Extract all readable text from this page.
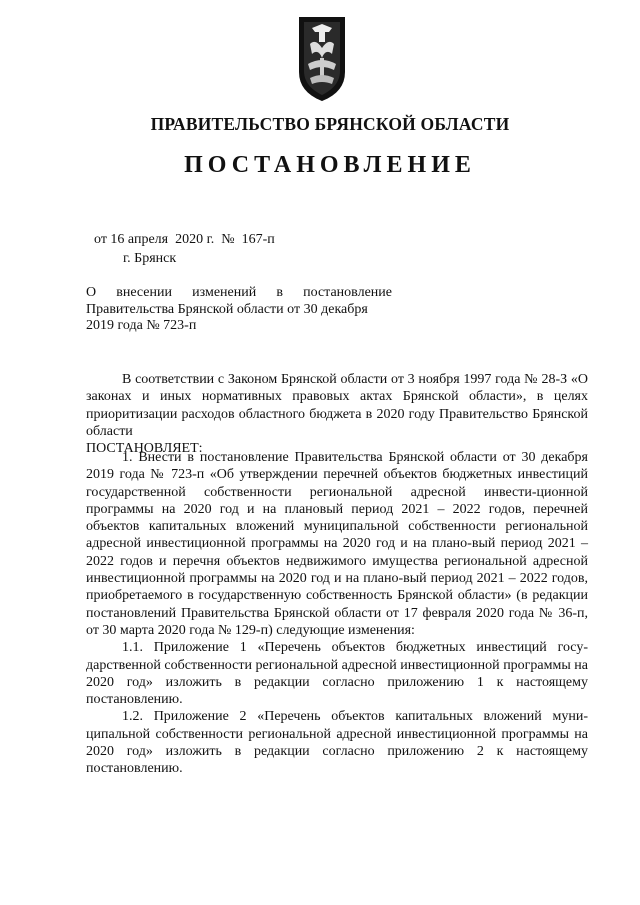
ПРАВИТЕЛЬСТВО БРЯНСКОЙ ОБЛАСТИ
ПОСТАНОВЛЕНИЕ
от 16 апреля  2020 г.  №  167-п
г. Брянск
О внесении изменений в постановление
Правительства Брянской области от 30 декабря
2019 года № 723-п
В соответствии с Законом Брянской области от 3 ноября 1997 года № 28-З «О законах и иных нормативных правовых актах Брянской области», в целях приоритизации расходов областного бюджета в 2020 году Правительство Брянской области
ПОСТАНОВЛЯЕТ:
1. Внести в постановление Правительства Брянской области от 30 декабря 2019 года № 723-п «Об утверждении перечней объектов бюджетных инвестиций государственной собственности региональной адресной инвести-ционной программы на 2020 год и на плановый период 2021 – 2022 годов, перечней объектов капитальных вложений муниципальной собственности региональной адресной инвестиционной программы на 2020 год и на плано-вый период 2021 – 2022 годов и перечня объектов недвижимого имущества региональной адресной инвестиционной программы на 2020 год и на плано-вый период 2021 – 2022 годов, приобретаемого в государственную собственность Брянской области» (в редакции постановлений Правительства Брянской области от 17 февраля 2020 года № 36-п, от 30 марта 2020 года № 129-п) следующие изменения:
1.1. Приложение 1 «Перечень объектов бюджетных инвестиций госу-дарственной собственности региональной адресной инвестиционной программы на 2020 год» изложить в редакции согласно приложению 1 к настоящему постановлению.
1.2. Приложение 2 «Перечень объектов капитальных вложений муни-ципальной собственности региональной адресной инвестиционной программы на 2020 год» изложить в редакции согласно приложению 2 к настоящему постановлению.
